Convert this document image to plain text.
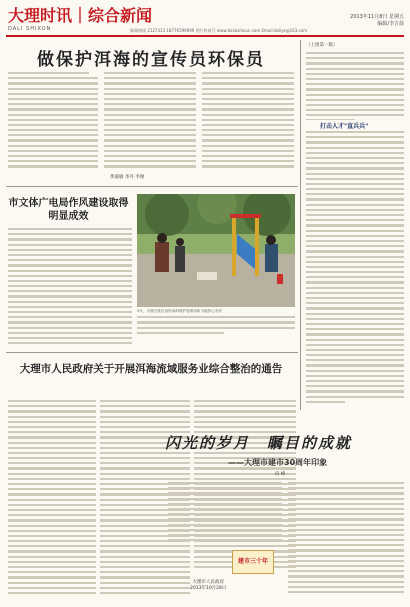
大理时讯｜综合新闻
DALI SHIXUN	新闻热线 2127313 18776599999 图片传真号 www.daliashixun.com Email:daliys@163.com
2013年11月8日 星期五
编辑/李吉晨
做保护洱海的宣传员环保员
黄嘉敏 李丹 李俊
（上接第一版）
打击人才"直兵兵"
市文体广电局作风建设取得明显成效
9月，大理白族自治州洱海保护管理局和当地热心市民
大理市人民政府关于开展洱海流域服务业综合整治的通告
大理市人民政府
2013年10月28日
闪光的岁月　瞩目的成就
——大理市建市30周年印象
向 峥
建市三十年
